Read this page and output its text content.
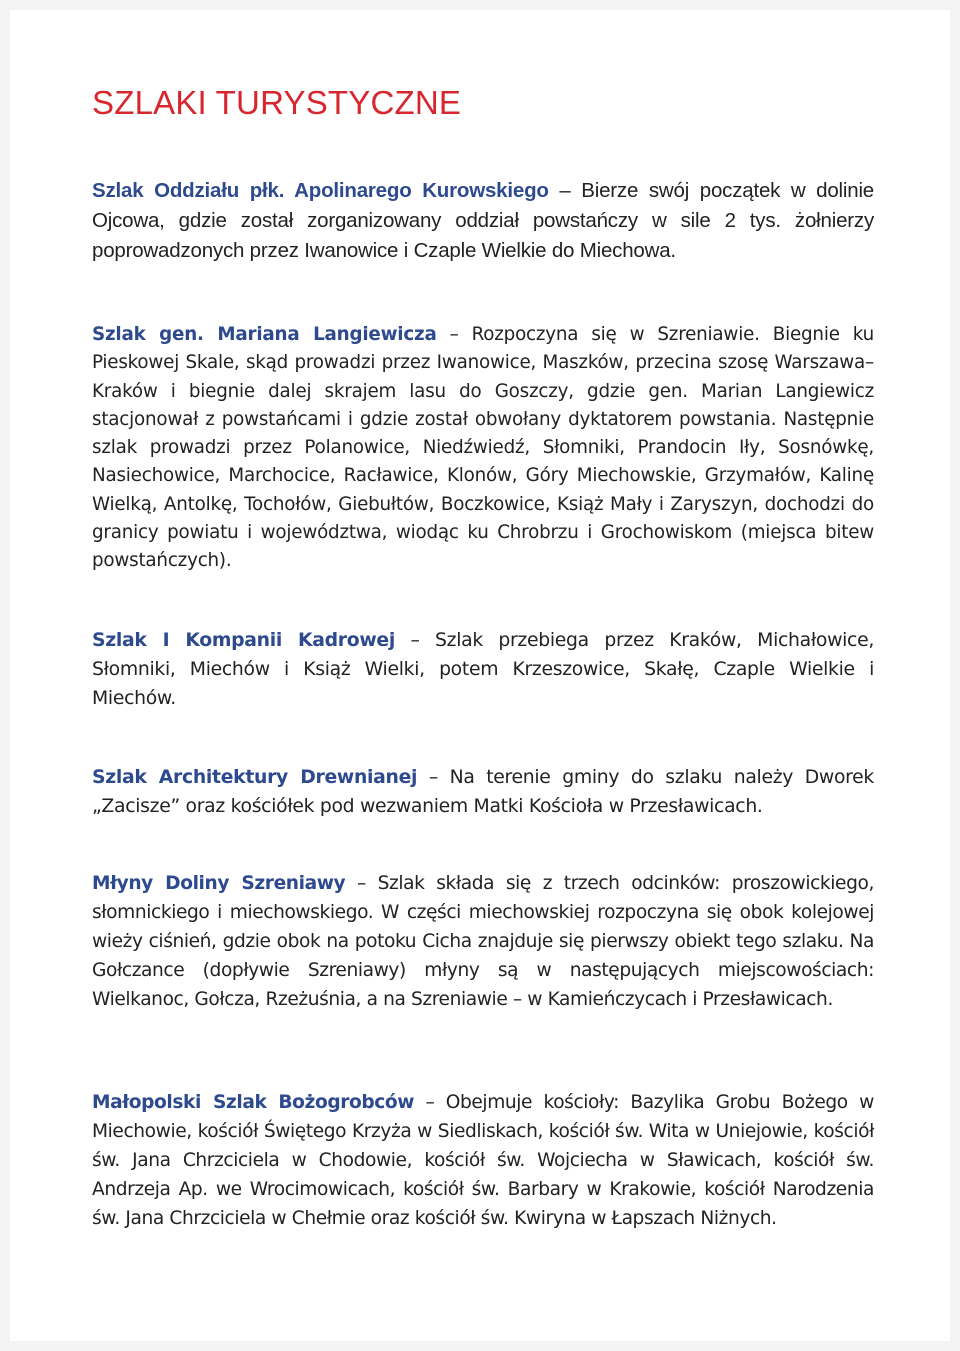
SZLAKI TURYSTYCZNE

Szlak Oddziału płk. Apolinarego Kurowskiego – Bierze swój początek w dolinie Ojcowa, gdzie został zorganizowany oddział powstańczy w sile 2 tys. żołnierzy poprowadzonych przez Iwanowice i Czaple Wielkie do Miechowa.

Szlak gen. Mariana Langiewicza – Rozpoczyna się w Szreniawie. Biegnie ku Pieskowej Skale, skąd prowadzi przez Iwanowice, Maszków, przecina szosę Warszawa–Kraków i biegnie dalej skrajem lasu do Goszczy, gdzie gen. Marian Langiewicz stacjonował z powstańcami i gdzie został obwołany dyktatorem powstania. Następnie szlak prowadzi przez Polanowice, Niedźwiedź, Słomniki, Prandocin Iły, Sosnówkę, Nasiechowice, Marchocice, Racławice, Klonów, Góry Miechowskie, Grzymałów, Kalinę Wielką, Antolkę, Tochołów, Giebułtów, Boczkowice, Książ Mały i Zaryszyn, dochodzi do granicy powiatu i województwa, wiodąc ku Chrobrzu i Grochowiskom (miejsca bitew powstańczych).

Szlak I Kompanii Kadrowej – Szlak przebiega przez Kraków, Michałowice, Słomniki, Miechów i Książ Wielki, potem Krzeszowice, Skałę, Czaple Wielkie i Miechów.

Szlak Architektury Drewnianej – Na terenie gminy do szlaku należy Dworek „Zacisze” oraz kościółek pod wezwaniem Matki Kościoła w Przesławicach.

Młyny Doliny Szreniawy – Szlak składa się z trzech odcinków: proszowickiego, słomnickiego i miechowskiego. W części miechowskiej rozpoczyna się obok kolejowej wieży ciśnień, gdzie obok na potoku Cicha znajduje się pierwszy obiekt tego szlaku. Na Gołczance (dopływie Szreniawy) młyny są w następujących miejscowościach: Wielkanoc, Gołcza, Rzeżuśnia, a na Szreniawie – w Kamieńczycach i Przesławicach.

Małopolski Szlak Bożogrobców – Obejmuje kościoły: Bazylika Grobu Bożego w Miechowie, kościół Świętego Krzyża w Siedliskach, kościół św. Wita w Uniejowie, kościół św. Jana Chrzciciela w Chodowie, kościół św. Wojciecha w Sławicach, kościół św. Andrzeja Ap. we Wrocimowicach, kościół św. Barbary w Krakowie, kościół Narodzenia św. Jana Chrzciciela w Chełmie oraz kościół św. Kwiryna w Łapszach Niżnych.
